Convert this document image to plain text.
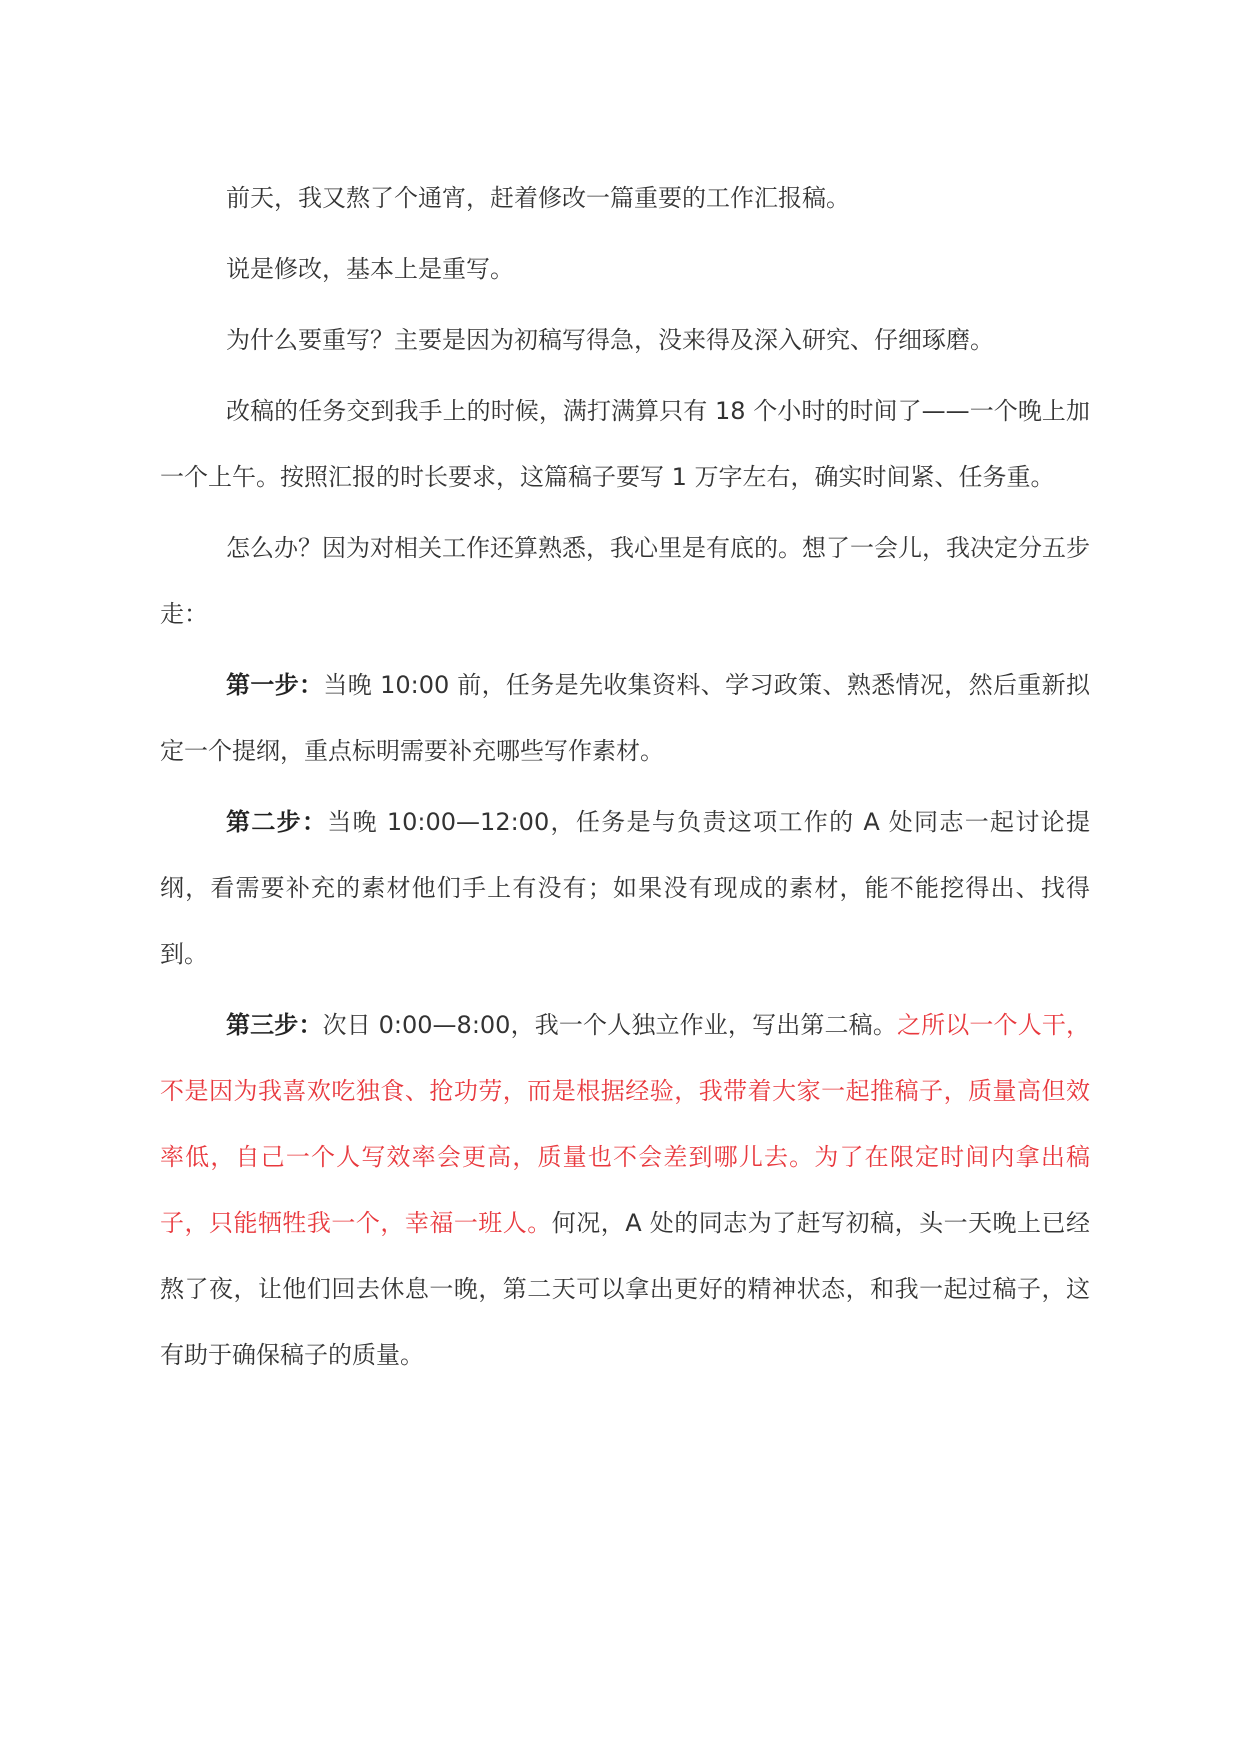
前天，我又熬了个通宵，赶着修改一篇重要的工作汇报稿。

说是修改，基本上是重写。

为什么要重写？主要是因为初稿写得急，没来得及深入研究、仔细琢磨。

改稿的任务交到我手上的时候，满打满算只有 18 个小时的时间了——一个晚上加一个上午。按照汇报的时长要求，这篇稿子要写 1 万字左右，确实时间紧、任务重。

怎么办？因为对相关工作还算熟悉，我心里是有底的。想了一会儿，我决定分五步走：

第一步：当晚 10:00 前，任务是先收集资料、学习政策、熟悉情况，然后重新拟定一个提纲，重点标明需要补充哪些写作素材。

第二步：当晚 10:00—12:00，任务是与负责这项工作的 A 处同志一起讨论提纲，看需要补充的素材他们手上有没有；如果没有现成的素材，能不能挖得出、找得到。

第三步：次日 0:00—8:00，我一个人独立作业，写出第二稿。之所以一个人干，不是因为我喜欢吃独食、抢功劳，而是根据经验，我带着大家一起推稿子，质量高但效率低，自己一个人写效率会更高，质量也不会差到哪儿去。为了在限定时间内拿出稿子，只能牺牲我一个，幸福一班人。何况，A 处的同志为了赶写初稿，头一天晚上已经熬了夜，让他们回去休息一晚，第二天可以拿出更好的精神状态，和我一起过稿子，这有助于确保稿子的质量。
